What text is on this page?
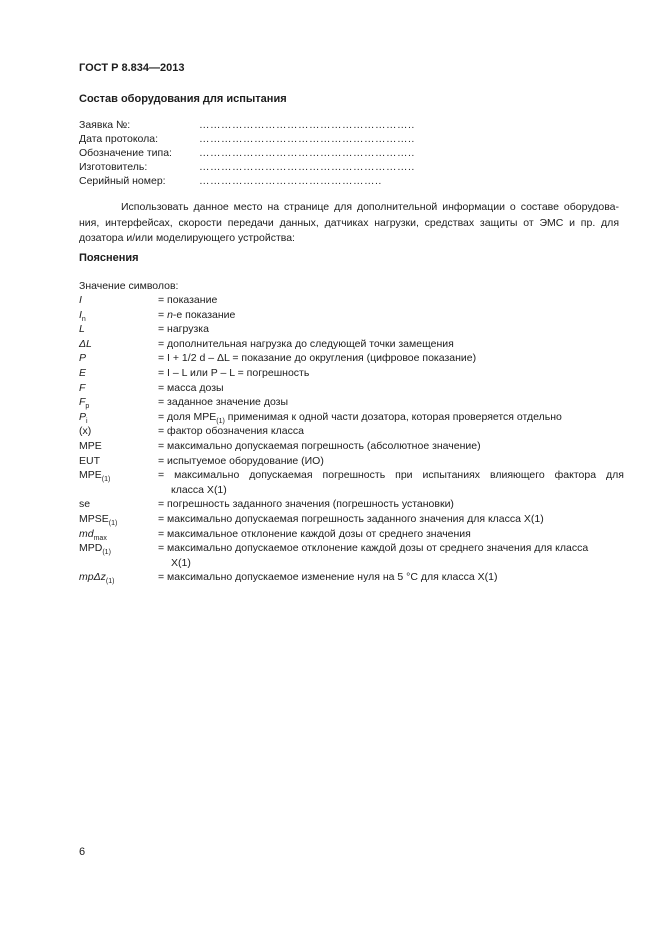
ГОСТ Р 8.834—2013
Состав оборудования для испытания
Заявка №:	…………………………………………………..
Дата протокола:	…………………………………………………..
Обозначение типа:	…………………………………………………..
Изготовитель:	…………………………………………………..
Серийный номер:	…………………………………………..
Использовать данное место на странице для дополнительной информации о составе оборудова-ния, интерфейсах, скорости передачи данных, датчиках нагрузки, средствах защиты от ЭМС и пр. для дозатора и/или моделирующего устройства:
Пояснения
Значение символов:
I	= показание
$I_n$	= n-е показание
L	= нагрузка
ΔL	= дополнительная нагрузка до следующей точки замещения
P	= I + 1/2 d – ΔL = показание до округления (цифровое показание)
E	= I – L или P – L = погрешность
F	= масса дозы
$F_p$	= заданное значение дозы
$P_i$	= доля $MPE_{(1)}$ применимая к одной части дозатора, которая проверяется отдельно
(x)	= фактор обозначения класса
MPE	= максимально допускаемая погрешность (абсолютное значение)
EUT	= испытуемое оборудование (ИО)
$MPE_{(1)}$	= максимально допускаемая погрешность при испытаниях влияющего фактора для
класса X(1)
se	= погрешность заданного значения (погрешность установки)
$MPSE_{(1)}$	= максимально допускаемая погрешность заданного значения для класса X(1)
$md_{max}$	= максимальное отклонение каждой дозы от среднего значения
$MPD_{(1)}$	= максимально допускаемое отклонение каждой дозы от среднего значения для класса
X(1)
mpΔz$_{(1)}$	= максимально допускаемое изменение нуля на 5 °C для класса X(1)
6
